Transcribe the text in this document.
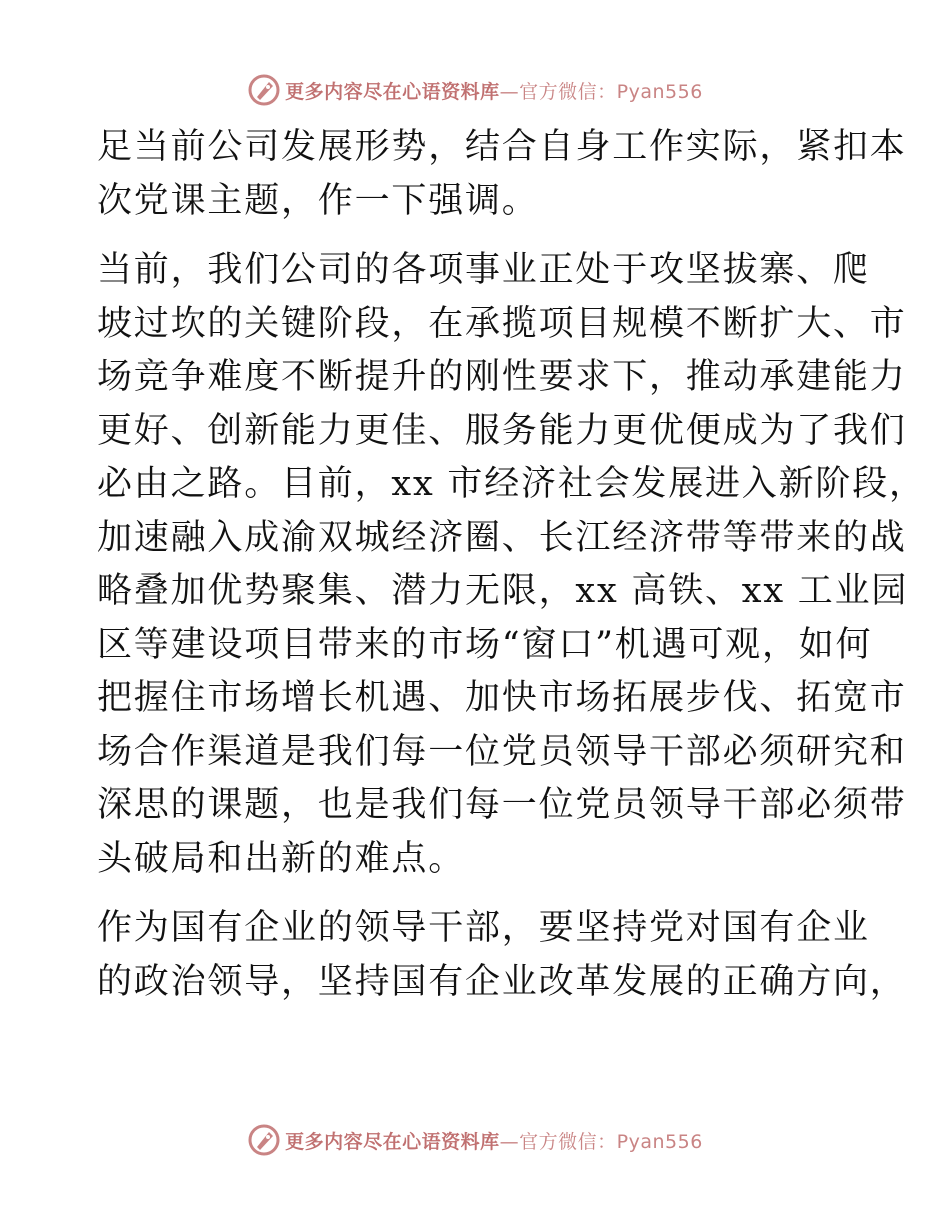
更多内容尽在心语资料库—官方微信：Pyan556

足当前公司发展形势，结合自身工作实际，紧扣本
次党课主题，作一下强调。

当前，我们公司的各项事业正处于攻坚拔寨、爬
坡过坎的关键阶段，在承揽项目规模不断扩大、市
场竞争难度不断提升的刚性要求下，推动承建能力
更好、创新能力更佳、服务能力更优便成为了我们
必由之路。目前，xx 市经济社会发展进入新阶段，
加速融入成渝双城经济圈、长江经济带等带来的战
略叠加优势聚集、潜力无限，xx 高铁、xx 工业园
区等建设项目带来的市场“窗口”机遇可观，如何
把握住市场增长机遇、加快市场拓展步伐、拓宽市
场合作渠道是我们每一位党员领导干部必须研究和
深思的课题，也是我们每一位党员领导干部必须带
头破局和出新的难点。

作为国有企业的领导干部，要坚持党对国有企业
的政治领导，坚持国有企业改革发展的正确方向，

更多内容尽在心语资料库—官方微信：Pyan556
